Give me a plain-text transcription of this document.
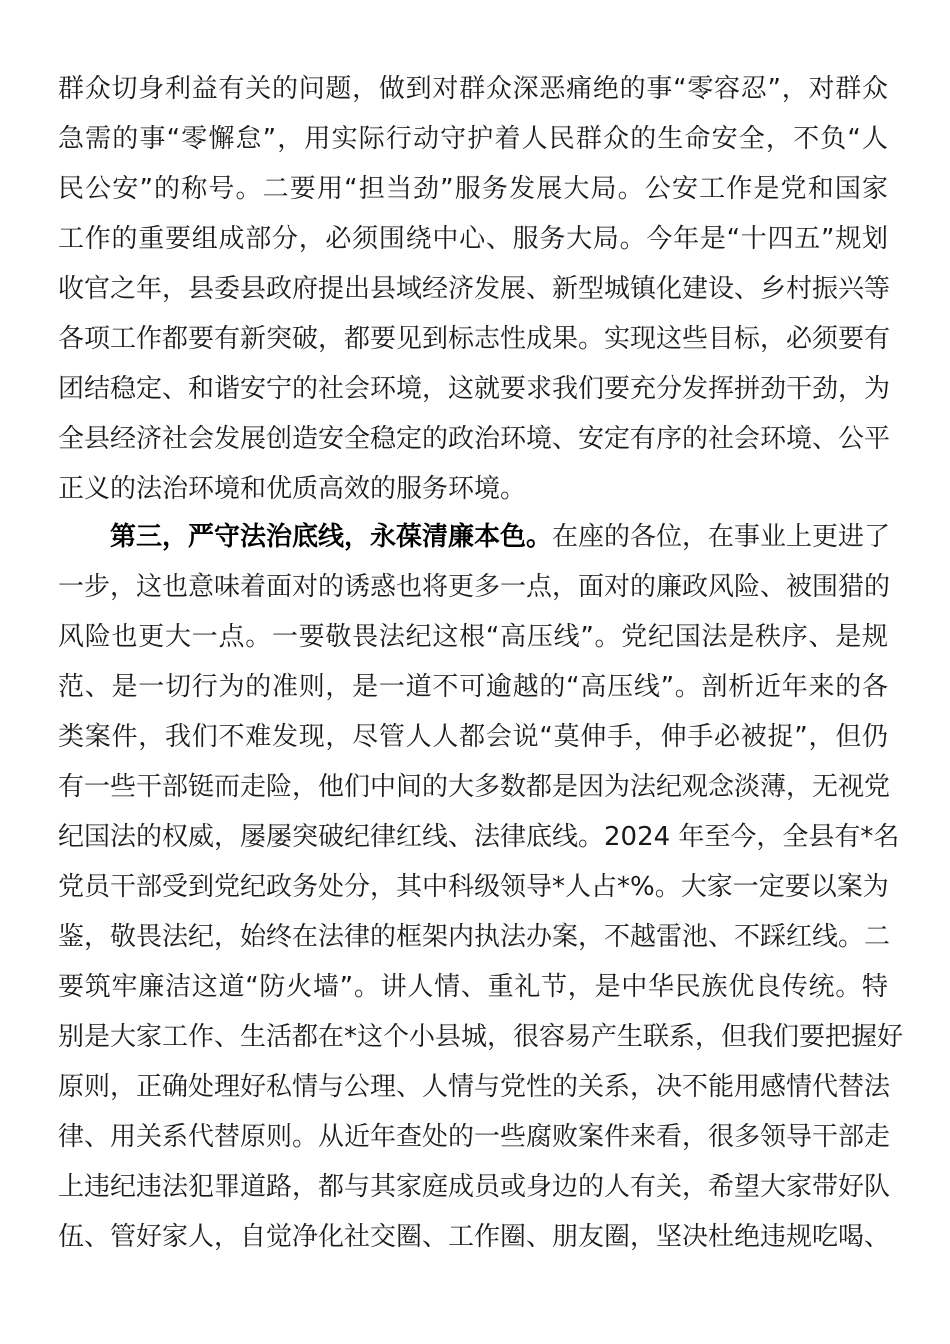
群众切身利益有关的问题，做到对群众深恶痛绝的事“零容忍”，对群众
急需的事“零懈怠”，用实际行动守护着人民群众的生命安全，不负“人
民公安”的称号。二要用“担当劲”服务发展大局。公安工作是党和国家
工作的重要组成部分，必须围绕中心、服务大局。今年是“十四五”规划
收官之年，县委县政府提出县域经济发展、新型城镇化建设、乡村振兴等
各项工作都要有新突破，都要见到标志性成果。实现这些目标，必须要有
团结稳定、和谐安宁的社会环境，这就要求我们要充分发挥拼劲干劲，为
全县经济社会发展创造安全稳定的政治环境、安定有序的社会环境、公平
正义的法治环境和优质高效的服务环境。
第三，严守法治底线，永葆清廉本色。在座的各位，在事业上更进了
一步，这也意味着面对的诱惑也将更多一点，面对的廉政风险、被围猎的
风险也更大一点。一要敬畏法纪这根“高压线”。党纪国法是秩序、是规
范、是一切行为的准则，是一道不可逾越的“高压线”。剖析近年来的各
类案件，我们不难发现，尽管人人都会说“莫伸手，伸手必被捉”，但仍
有一些干部铤而走险，他们中间的大多数都是因为法纪观念淡薄，无视党
纪国法的权威，屡屡突破纪律红线、法律底线。2024 年至今，全县有*名
党员干部受到党纪政务处分，其中科级领导*人占*%。大家一定要以案为
鉴，敬畏法纪，始终在法律的框架内执法办案，不越雷池、不踩红线。二
要筑牢廉洁这道“防火墙”。讲人情、重礼节，是中华民族优良传统。特
别是大家工作、生活都在*这个小县城，很容易产生联系，但我们要把握好
原则，正确处理好私情与公理、人情与党性的关系，决不能用感情代替法
律、用关系代替原则。从近年查处的一些腐败案件来看，很多领导干部走
上违纪违法犯罪道路，都与其家庭成员或身边的人有关，希望大家带好队
伍、管好家人，自觉净化社交圈、工作圈、朋友圈，坚决杜绝违规吃喝、
